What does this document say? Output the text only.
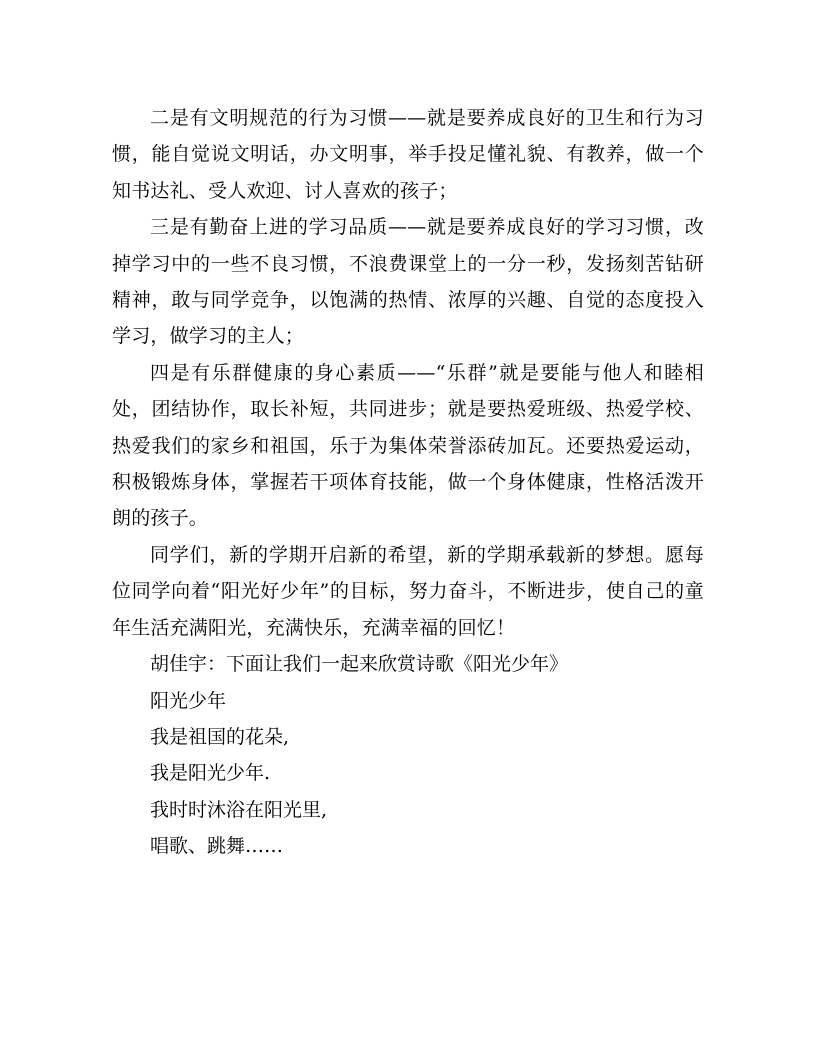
二是有文明规范的行为习惯——就是要养成良好的卫生和行为习惯，能自觉说文明话，办文明事，举手投足懂礼貌、有教养，做一个知书达礼、受人欢迎、讨人喜欢的孩子；

三是有勤奋上进的学习品质——就是要养成良好的学习习惯，改掉学习中的一些不良习惯，不浪费课堂上的一分一秒，发扬刻苦钻研精神，敢与同学竞争，以饱满的热情、浓厚的兴趣、自觉的态度投入学习，做学习的主人；

四是有乐群健康的身心素质——“乐群”就是要能与他人和睦相处，团结协作，取长补短，共同进步；就是要热爱班级、热爱学校、热爱我们的家乡和祖国，乐于为集体荣誉添砖加瓦。还要热爱运动，积极锻炼身体，掌握若干项体育技能，做一个身体健康，性格活泼开朗的孩子。

同学们，新的学期开启新的希望，新的学期承载新的梦想。愿每位同学向着“阳光好少年”的目标，努力奋斗，不断进步，使自己的童年生活充满阳光，充满快乐，充满幸福的回忆！

胡佳宇：下面让我们一起来欣赏诗歌《阳光少年》

阳光少年

我是祖国的花朵,

我是阳光少年.

我时时沐浴在阳光里,

唱歌、跳舞……
